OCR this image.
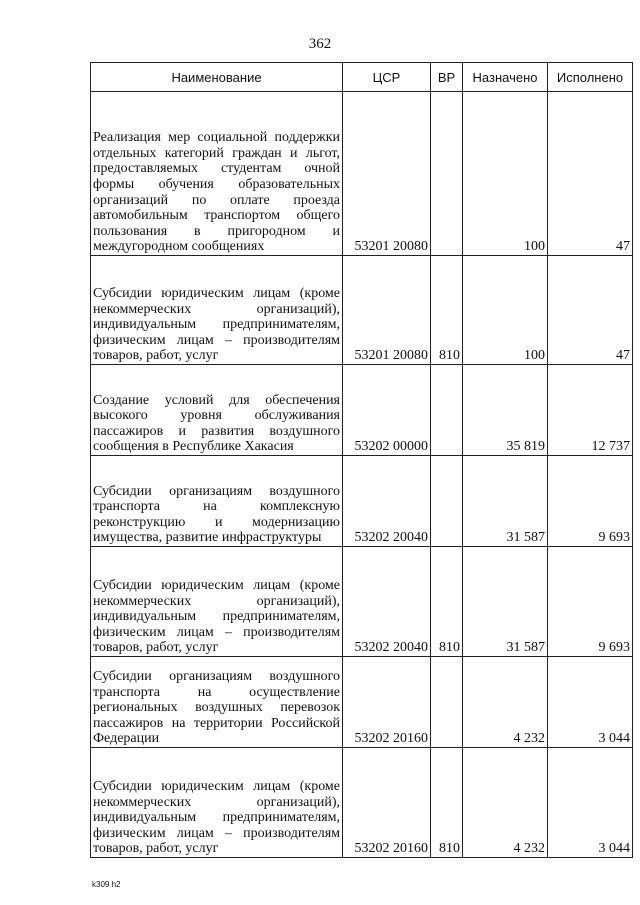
362
Наименование	ЦСР	ВР	Назначено	Исполнено
Реализация мер социальной поддержки отдельных категорий граждан и льгот, предоставляемых студентам очной формы обучения образовательных организаций по оплате проезда автомобильным транспортом общего пользования в пригородном и междугородном сообщениях	53201 20080		100	47
Субсидии юридическим лицам (кроме некоммерческих организаций), индивидуальным предпринимателям, физическим лицам – производителям товаров, работ, услуг	53201 20080	810	100	47
Создание условий для обеспечения высокого уровня обслуживания пассажиров и развития воздушного сообщения в Республике Хакасия	53202 00000		35 819	12 737
Субсидии организациям воздушного транспорта на комплексную реконструкцию и модернизацию имущества, развитие инфраструктуры	53202 20040		31 587	9 693
Субсидии юридическим лицам (кроме некоммерческих организаций), индивидуальным предпринимателям, физическим лицам – производителям товаров, работ, услуг	53202 20040	810	31 587	9 693
Субсидии организациям воздушного транспорта на осуществление региональных воздушных перевозок пассажиров на территории Российской Федерации	53202 20160		4 232	3 044
Субсидии юридическим лицам (кроме некоммерческих организаций), индивидуальным предпринимателям, физическим лицам – производителям товаров, работ, услуг	53202 20160	810	4 232	3 044
k309 h2
